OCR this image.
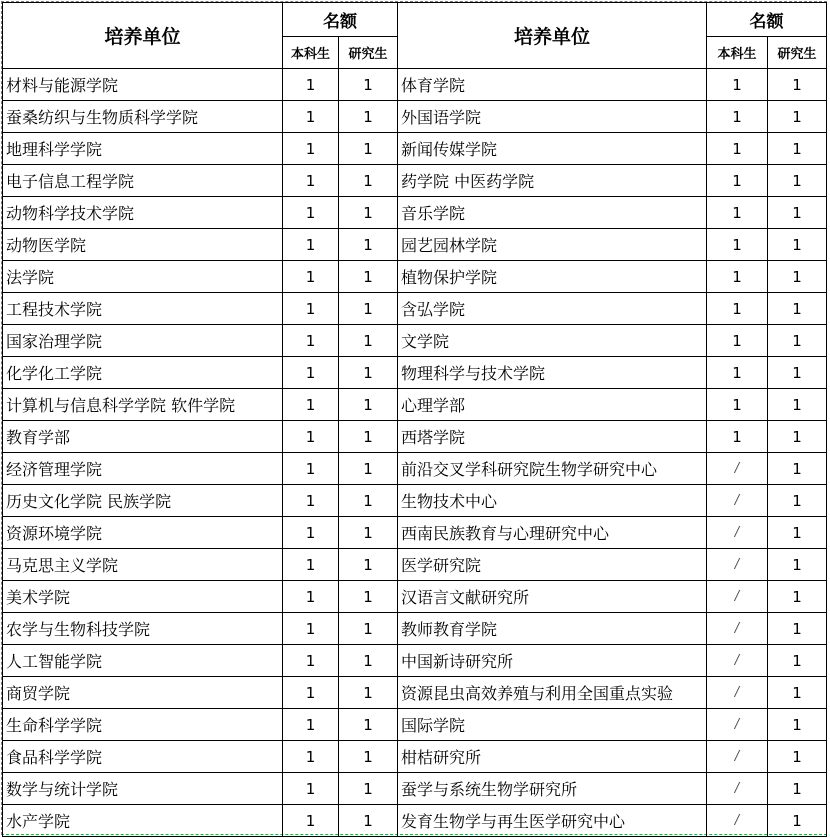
培养单位	名额		培养单位	名额	
	本科生	研究生		本科生	研究生
材料与能源学院	1	1	体育学院	1	1
蚕桑纺织与生物质科学学院	1	1	外国语学院	1	1
地理科学学院	1	1	新闻传媒学院	1	1
电子信息工程学院	1	1	药学院 中医药学院	1	1
动物科学技术学院	1	1	音乐学院	1	1
动物医学院	1	1	园艺园林学院	1	1
法学院	1	1	植物保护学院	1	1
工程技术学院	1	1	含弘学院	1	1
国家治理学院	1	1	文学院	1	1
化学化工学院	1	1	物理科学与技术学院	1	1
计算机与信息科学学院 软件学院	1	1	心理学部	1	1
教育学部	1	1	西塔学院	1	1
经济管理学院	1	1	前沿交叉学科研究院生物学研究中心	/	1
历史文化学院 民族学院	1	1	生物技术中心	/	1
资源环境学院	1	1	西南民族教育与心理研究中心	/	1
马克思主义学院	1	1	医学研究院	/	1
美术学院	1	1	汉语言文献研究所	/	1
农学与生物科技学院	1	1	教师教育学院	/	1
人工智能学院	1	1	中国新诗研究所	/	1
商贸学院	1	1	资源昆虫高效养殖与利用全国重点实验	/	1
生命科学学院	1	1	国际学院	/	1
食品科学学院	1	1	柑桔研究所	/	1
数学与统计学院	1	1	蚕学与系统生物学研究所	/	1
水产学院	1	1	发育生物学与再生医学研究中心	/	1
